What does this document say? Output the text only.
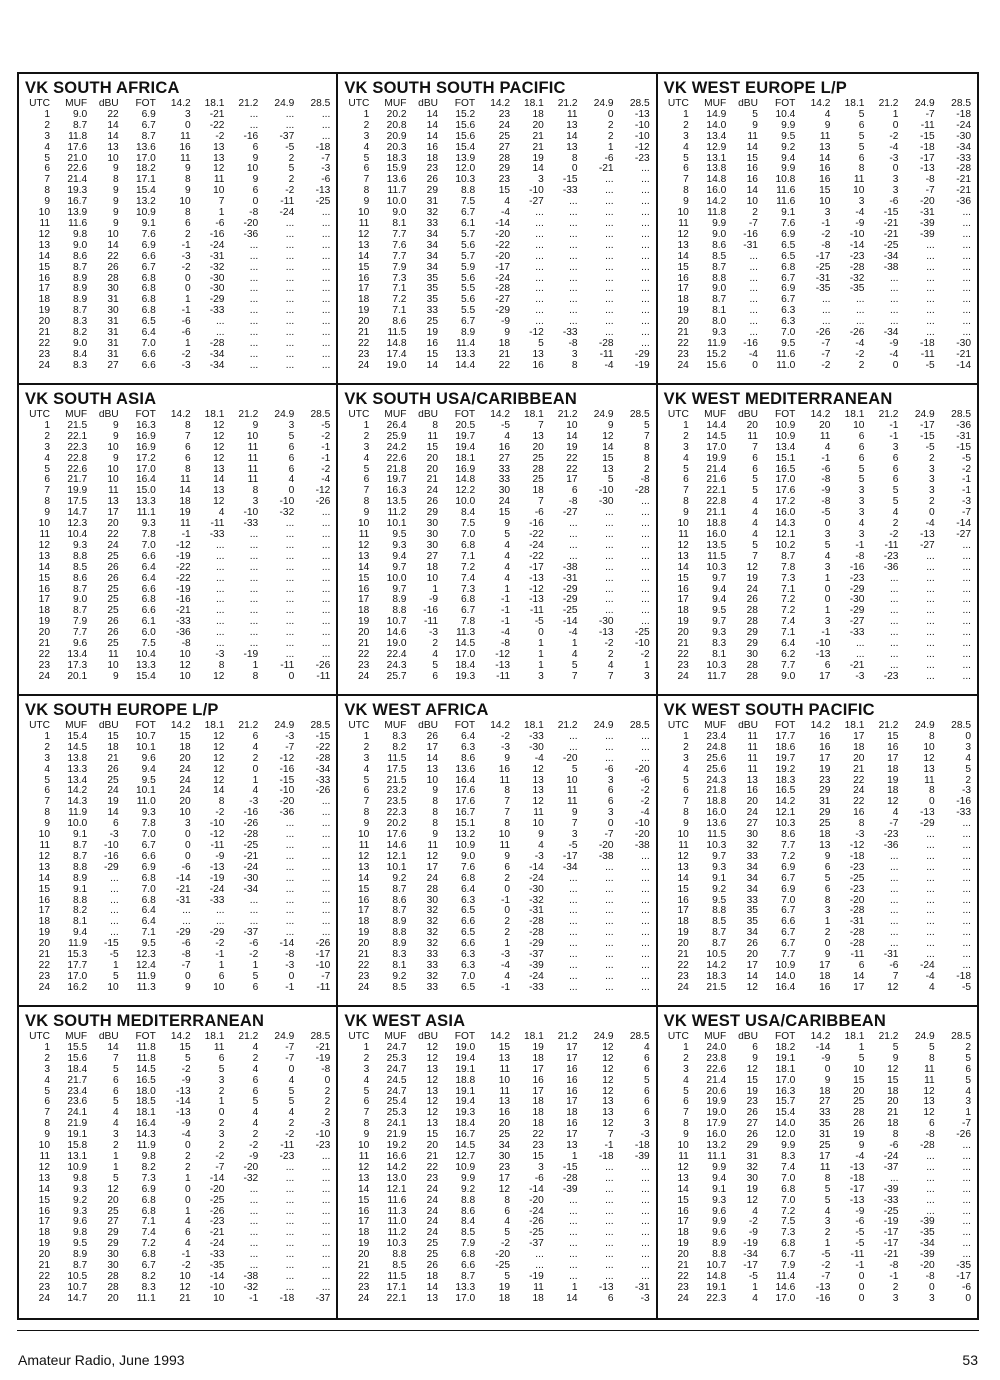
VK SOUTH AFRICA
UTC	MUF	dBU	FOT	14.2	18.1	21.2	24.9	28.5
1	9.0	22	6.9	3	-21	...	...	...
2	8.7	14	6.7	0	-22	...	...	...
3	11.8	14	8.7	11	-2	-16	-37	...
4	17.6	13	13.6	16	13	6	-5	-18
5	21.0	10	17.0	11	13	9	2	-7
6	22.6	9	18.2	9	12	10	5	-3
7	21.4	8	17.1	8	11	9	2	-6
8	19.3	9	15.4	9	10	6	-2	-13
9	16.7	9	13.2	10	7	0	-11	-25
10	13.9	9	10.9	8	1	-8	-24	...
11	11.6	9	9.1	6	-6	-20	...	...
12	9.8	10	7.6	2	-16	-36	...	...
13	9.0	14	6.9	-1	-24	...	...	...
14	8.6	22	6.6	-3	-31	...	...	...
15	8.7	26	6.7	-2	-32	...	...	...
16	8.9	28	6.8	0	-30	...	...	...
17	8.9	30	6.8	0	-30	...	...	...
18	8.9	31	6.8	1	-29	...	...	...
19	8.7	30	6.8	-1	-33	...	...	...
20	8.3	31	6.5	-6	...	...	...	...
21	8.2	31	6.4	-6	...	...	...	...
22	9.0	31	7.0	1	-28	...	...	...
23	8.4	31	6.6	-2	-34	...	...	...
24	8.3	27	6.6	-3	-34	...	...	...
VK SOUTH SOUTH PACIFIC
UTC	MUF	dBU	FOT	14.2	18.1	21.2	24.9	28.5
1	20.2	14	15.2	23	18	11	0	-13
2	20.8	14	15.6	24	20	13	2	-10
3	20.9	14	15.6	25	21	14	2	-10
4	20.3	16	15.4	27	21	13	1	-12
5	18.3	18	13.9	28	19	8	-6	-23
6	15.9	23	12.0	29	14	0	-21	...
7	13.6	26	10.3	23	3	-15	...	...
8	11.7	29	8.8	15	-10	-33	...	...
9	10.0	31	7.5	4	-27	...	...	...
10	9.0	32	6.7	-4	...	...	...	...
11	8.1	33	6.1	-14	...	...	...	...
12	7.7	34	5.7	-20	...	...	...	...
13	7.6	34	5.6	-22	...	...	...	...
14	7.7	34	5.7	-20	...	...	...	...
15	7.9	34	5.9	-17	...	...	...	...
16	7.3	35	5.6	-24	...	...	...	...
17	7.1	35	5.5	-28	...	...	...	...
18	7.2	35	5.6	-27	...	...	...	...
19	7.1	33	5.5	-29	...	...	...	...
20	8.6	25	6.7	-9	...	...	...	...
21	11.5	19	8.9	9	-12	-33	...	...
22	14.8	16	11.4	18	5	-8	-28	...
23	17.4	15	13.3	21	13	3	-11	-29
24	19.0	14	14.4	22	16	8	-4	-19
VK WEST EUROPE L/P
UTC	MUF	dBU	FOT	14.2	18.1	21.2	24.9	28.5
1	14.9	5	10.4	4	5	1	-7	-18
2	14.0	9	9.9	9	6	0	-11	-24
3	13.4	11	9.5	11	5	-2	-15	-30
4	12.9	14	9.2	13	5	-4	-18	-34
5	13.1	15	9.4	14	6	-3	-17	-33
6	13.8	16	9.9	16	8	0	-13	-28
7	14.8	16	10.8	16	11	3	-8	-21
8	16.0	14	11.6	15	10	3	-7	-21
9	14.2	10	11.6	10	3	-6	-20	-36
10	11.8	2	9.1	3	-4	-15	-31	...
11	9.9	-7	7.6	-1	-9	-21	-39	...
12	9.0	-16	6.9	-2	-10	-21	-39	...
13	8.6	-31	6.5	-8	-14	-25	...	...
14	8.5	...	6.5	-17	-23	-34	...	...
15	8.7	...	6.8	-25	-28	-38	...	...
16	8.8	...	6.7	-31	-32	...	...	...
17	9.0	...	6.9	-35	-35	...	...	...
18	8.7	...	6.7	...	...	...	...	...
19	8.1	...	6.3	...	...	...	...	...
20	8.0	...	6.3	...	...	...	...	...
21	9.3	...	7.0	-26	-26	-34	...	...
22	11.9	-16	9.5	-7	-4	-9	-18	-30
23	15.2	-4	11.6	-7	-2	-4	-11	-21
24	15.6	0	11.0	-2	2	0	-5	-14
VK SOUTH ASIA
UTC	MUF	dBU	FOT	14.2	18.1	21.2	24.9	28.5
1	21.5	9	16.3	8	12	9	3	-5
2	22.1	9	16.9	7	12	10	5	-2
3	22.3	10	16.9	6	12	11	6	-1
4	22.8	9	17.2	6	12	11	6	-1
5	22.6	10	17.0	8	13	11	6	-2
6	21.7	10	16.4	11	14	11	4	-4
7	19.9	11	15.0	14	13	8	0	-12
8	17.5	13	13.3	18	12	3	-10	-26
9	14.7	17	11.1	19	4	-10	-32	...
10	12.3	20	9.3	11	-11	-33	...	...
11	10.4	22	7.8	-1	-33	...	...	...
12	9.3	24	7.0	-12	...	...	...	...
13	8.8	25	6.6	-19	...	...	...	...
14	8.5	26	6.4	-22	...	...	...	...
15	8.6	26	6.4	-22	...	...	...	...
16	8.7	25	6.6	-19	...	...	...	...
17	9.0	25	6.8	-16	...	...	...	...
18	8.7	25	6.6	-21	...	...	...	...
19	7.9	26	6.1	-33	...	...	...	...
20	7.7	26	6.0	-36	...	...	...	...
21	9.6	25	7.5	-8	...	...	...	...
22	13.4	11	10.4	10	-3	-19	...	...
23	17.3	10	13.3	12	8	1	-11	-26
24	20.1	9	15.4	10	12	8	0	-11
VK SOUTH USA/CARIBBEAN
UTC	MUF	dBU	FOT	14.2	18.1	21.2	24.9	28.5
1	26.4	8	20.5	-5	7	10	9	5
2	25.9	11	19.7	4	13	14	12	7
3	24.2	15	19.4	16	20	19	14	8
4	22.6	20	18.1	27	25	22	15	8
5	21.8	20	16.9	33	28	22	13	2
6	19.7	21	14.8	33	25	17	5	-8
7	16.3	24	12.2	30	18	6	-10	-28
8	13.5	26	10.0	24	7	-8	-30	...
9	11.2	29	8.4	15	-6	-27	...	...
10	10.1	30	7.5	9	-16	...	...	...
11	9.5	30	7.0	5	-22	...	...	...
12	9.3	30	6.8	4	-24	...	...	...
13	9.4	27	7.1	4	-22	...	...	...
14	9.7	18	7.2	4	-17	-38	...	...
15	10.0	10	7.4	4	-13	-31	...	...
16	9.7	1	7.3	1	-12	-29	...	...
17	8.9	-9	6.8	-1	-13	-29	...	...
18	8.8	-16	6.7	-1	-11	-25	...	...
19	10.7	-11	7.8	-1	-5	-14	-30	...
20	14.6	-3	11.3	-4	0	-4	-13	-25
21	19.0	2	14.5	-8	1	1	-2	-10
22	22.4	4	17.0	-12	1	4	2	-2
23	24.3	5	18.4	-13	1	5	4	1
24	25.7	6	19.3	-11	3	7	7	3
VK WEST MEDITERRANEAN
UTC	MUF	dBU	FOT	14.2	18.1	21.2	24.9	28.5
1	14.4	20	10.9	20	10	-1	-17	-36
2	14.5	11	10.9	11	6	-1	-15	-31
3	17.0	7	13.4	4	6	3	-5	-15
4	19.9	6	15.1	-1	6	6	2	-5
5	21.4	6	16.5	-6	5	6	3	-2
6	21.6	5	17.0	-8	5	6	3	-1
7	22.1	5	17.6	-9	3	5	3	-1
8	22.8	4	17.2	-8	3	5	2	-3
9	21.1	4	16.0	-5	3	4	0	-7
10	18.8	4	14.3	0	4	2	-4	-14
11	16.0	4	12.1	3	3	-2	-13	-27
12	13.5	5	10.2	5	-1	-11	-27	...
13	11.5	7	8.7	4	-8	-23	...	...
14	10.3	12	7.8	3	-16	-36	...	...
15	9.7	19	7.3	1	-23	...	...	...
16	9.4	24	7.1	0	-29	...	...	...
17	9.4	26	7.2	0	-30	...	...	...
18	9.5	28	7.2	1	-29	...	...	...
19	9.7	28	7.4	3	-27	...	...	...
20	9.3	29	7.1	-1	-33	...	...	...
21	8.3	29	6.4	-10	...	...	...	...
22	8.1	30	6.2	-13	...	...	...	...
23	10.3	28	7.7	6	-21	...	...	...
24	11.7	28	9.0	17	-3	-23	...	...
VK SOUTH EUROPE L/P
UTC	MUF	dBU	FOT	14.2	18.1	21.2	24.9	28.5
1	15.4	15	10.7	15	12	6	-3	-15
2	14.5	18	10.1	18	12	4	-7	-22
3	13.8	21	9.6	20	12	2	-12	-28
4	13.3	26	9.4	24	12	0	-16	-34
5	13.4	25	9.5	24	12	1	-15	-33
6	14.2	24	10.1	24	14	4	-10	-26
7	14.3	19	11.0	20	8	-3	-20	...
8	11.9	14	9.3	10	-2	-16	-36	...
9	10.0	6	7.8	3	-10	-26	...	...
10	9.1	-3	7.0	0	-12	-28	...	...
11	8.7	-10	6.7	0	-11	-25	...	...
12	8.7	-16	6.6	0	-9	-21	...	...
13	8.8	-29	6.9	-6	-13	-24	...	...
14	8.9	...	6.8	-14	-19	-30	...	...
15	9.1	...	7.0	-21	-24	-34	...	...
16	8.8	...	6.8	-31	-33	...	...	...
17	8.2	...	6.4	...	...	...	...	...
18	8.1	...	6.4	...	...	...	...	...
19	9.4	...	7.1	-29	-29	-37	...	...
20	11.9	-15	9.5	-6	-2	-6	-14	-26
21	15.3	-5	12.3	-8	-1	-2	-8	-17
22	17.7	1	12.4	-7	1	1	-3	-10
23	17.0	5	11.9	0	6	5	0	-7
24	16.2	10	11.3	9	10	6	-1	-11
VK WEST AFRICA
UTC	MUF	dBU	FOT	14.2	18.1	21.2	24.9	28.5
1	8.3	26	6.4	-2	-33	...	...	...
2	8.2	17	6.3	-3	-30	...	...	...
3	11.5	14	8.6	9	-4	-20	...	...
4	17.5	13	13.6	16	12	5	-6	-20
5	21.5	10	16.4	11	13	10	3	-6
6	23.2	9	17.6	8	13	11	6	-2
7	23.5	8	17.6	7	12	11	6	-2
8	22.3	8	16.7	7	11	9	3	-4
9	20.2	8	15.1	8	10	7	0	-10
10	17.6	9	13.2	10	9	3	-7	-20
11	14.6	11	10.9	11	4	-5	-20	-38
12	12.1	12	9.0	9	-3	-17	-38	...
13	10.1	17	7.6	6	-14	-34	...	...
14	9.2	24	6.8	2	-24	...	...	...
15	8.7	28	6.4	0	-30	...	...	...
16	8.6	30	6.3	-1	-32	...	...	...
17	8.7	32	6.5	0	-31	...	...	...
18	8.9	32	6.6	2	-28	...	...	...
19	8.8	32	6.5	2	-28	...	...	...
20	8.9	32	6.6	1	-29	...	...	...
21	8.3	33	6.3	-3	-37	...	...	...
22	8.1	33	6.3	-4	-39	...	...	...
23	9.2	32	7.0	4	-24	...	...	...
24	8.5	33	6.5	-1	-33	...	...	...
VK WEST SOUTH PACIFIC
UTC	MUF	dBU	FOT	14.2	18.1	21.2	24.9	28.5
1	23.4	11	17.7	16	17	15	8	0
2	24.8	11	18.6	16	18	16	10	3
3	25.6	11	19.7	17	20	17	12	4
4	25.6	11	19.2	19	21	18	13	5
5	24.3	13	18.3	23	22	19	11	2
6	21.8	16	16.5	29	24	18	8	-3
7	18.8	20	14.2	31	22	12	0	-16
8	16.0	24	12.1	29	16	4	-13	-33
9	13.6	27	10.3	25	8	-7	-29	...
10	11.5	30	8.6	18	-3	-23	...	...
11	10.3	32	7.7	13	-12	-36	...	...
12	9.7	33	7.2	9	-18	...	...	...
13	9.3	34	6.9	6	-23	...	...	...
14	9.1	34	6.7	5	-25	...	...	...
15	9.2	34	6.9	6	-23	...	...	...
16	9.5	33	7.0	8	-20	...	...	...
17	8.8	35	6.7	3	-28	...	...	...
18	8.5	35	6.6	1	-31	...	...	...
19	8.7	34	6.7	2	-28	...	...	...
20	8.7	26	6.7	0	-28	...	...	...
21	10.5	20	7.7	9	-11	-31	...	...
22	14.2	17	10.9	17	6	-6	-24	...
23	18.3	14	14.0	18	14	7	-4	-18
24	21.5	12	16.4	16	17	12	4	-5
VK SOUTH MEDITERRANEAN
UTC	MUF	dBU	FOT	14.2	18.1	21.2	24.9	28.5
1	15.5	14	11.8	15	11	4	-7	-21
2	15.6	7	11.8	5	6	2	-7	-19
3	18.4	5	14.5	-2	5	4	0	-8
4	21.7	6	16.5	-9	3	6	4	0
5	23.4	6	18.0	-13	2	6	5	2
6	23.6	5	18.5	-14	1	5	5	2
7	24.1	4	18.1	-13	0	4	4	2
8	21.9	4	16.4	-9	2	4	2	-3
9	19.1	3	14.3	-4	3	2	-2	-10
10	15.8	2	11.9	0	2	-2	-11	-23
11	13.1	1	9.8	2	-2	-9	-23	...
12	10.9	1	8.2	2	-7	-20	...	...
13	9.8	5	7.3	1	-14	-32	...	...
14	9.3	12	6.9	0	-20	...	...	...
15	9.2	20	6.8	0	-25	...	...	...
16	9.3	25	6.8	1	-26	...	...	...
17	9.6	27	7.1	4	-23	...	...	...
18	9.8	29	7.4	6	-21	...	...	...
19	9.5	29	7.2	4	-24	...	...	...
20	8.9	30	6.8	-1	-33	...	...	...
21	8.7	30	6.7	-2	-35	...	...	...
22	10.5	28	8.2	10	-14	-38	...	...
23	10.7	28	8.3	12	-10	-32	...	...
24	14.7	20	11.1	21	10	-1	-18	-37
VK WEST ASIA
UTC	MUF	dBU	FOT	14.2	18.1	21.2	24.9	28.5
1	24.7	12	19.0	15	19	17	12	4
2	25.3	12	19.4	13	18	17	12	6
3	24.7	13	19.1	11	17	16	12	6
4	24.5	12	18.8	10	16	16	12	5
5	24.7	13	19.1	11	17	16	12	6
6	25.4	12	19.4	13	18	17	13	6
7	25.3	12	19.3	16	18	18	13	6
8	24.1	13	18.4	20	18	16	12	3
9	21.9	15	16.7	25	22	17	7	-3
10	19.2	20	14.5	34	23	13	-1	-18
11	16.6	21	12.7	30	15	1	-18	-39
12	14.2	22	10.9	23	3	-15	...	...
13	13.0	23	9.9	17	-6	-28	...	...
14	12.1	24	9.2	12	-14	-39	...	...
15	11.6	24	8.8	8	-20	...	...	...
16	11.3	24	8.6	6	-24	...	...	...
17	11.0	24	8.4	4	-26	...	...	...
18	11.2	24	8.5	5	-25	...	...	...
19	10.3	25	7.9	-2	-37	...	...	...
20	8.8	25	6.8	-20	...	...	...	...
21	8.5	26	6.6	-25	...	...	...	...
22	11.5	18	8.7	5	-19	...	...	...
23	17.1	14	13.3	19	11	1	-13	-31
24	22.1	13	17.0	18	18	14	6	-3
VK WEST USA/CARIBBEAN
UTC	MUF	dBU	FOT	14.2	18.1	21.2	24.9	28.5
1	24.0	6	18.2	-14	1	5	5	2
2	23.8	9	19.1	-9	5	9	8	5
3	22.6	12	18.1	0	10	12	11	6
4	21.4	15	17.0	9	15	15	11	5
5	20.6	19	16.3	18	20	18	12	4
6	19.9	23	15.7	27	25	20	13	3
7	19.0	26	15.4	33	28	21	12	1
8	17.9	27	14.0	35	26	18	6	-7
9	16.0	26	12.0	31	19	8	-8	-26
10	13.2	29	9.9	25	9	-6	-28	...
11	11.1	31	8.3	17	-4	-24	...	...
12	9.9	32	7.4	11	-13	-37	...	...
13	9.4	30	7.0	8	-18	...	...	...
14	9.1	19	6.8	5	-17	-39	...	...
15	9.3	12	7.0	5	-13	-33	...	...
16	9.6	4	7.2	4	-9	-25	...	...
17	9.9	-2	7.5	3	-6	-19	-39	...
18	9.6	-9	7.3	2	-5	-17	-35	...
19	8.9	-19	6.8	1	-5	-17	-34	...
20	8.8	-34	6.7	-5	-11	-21	-39	...
21	10.7	-17	7.9	-2	-1	-8	-20	-35
22	14.8	-5	11.4	-7	0	-1	-8	-17
23	19.1	1	14.6	-13	0	2	0	-6
24	22.3	4	17.0	-16	0	3	3	0
Amateur Radio, June 1993	53
